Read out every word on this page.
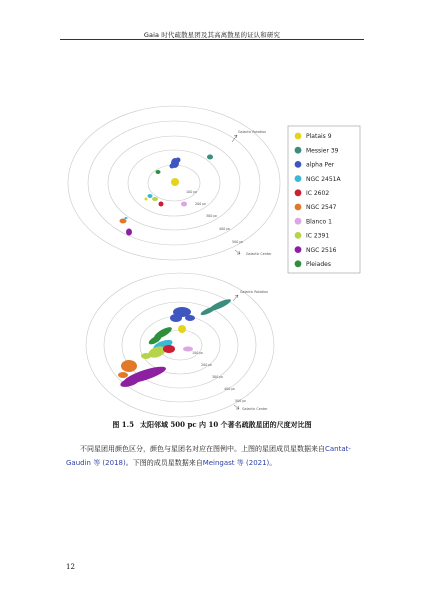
Gaia 时代疏散星团及其高离散星的证认和研究
100 pc
200 pc
300 pc
400 pc
500 pc
Galactic Rotation
Galactic Center
Platais 9
Messier 39
alpha Per
NGC 2451A
IC 2602
NGC 2547
Blanco 1
IC 2391
NGC 2516
Pleiades
100 pc
200 pc
300 pc
400 pc
500 pc
Galactic Rotation
Galactic Center
图 1.5 太阳邻域 500 pc 内 10 个著名疏散星团的尺度对比图
不同星团用颜色区分，颜色与星团名对应在图例中。上图的星团成员星数据来自Cantat-Gaudin 等 (2018)。下图的成员星数据来自Meingast 等 (2021)。
12
